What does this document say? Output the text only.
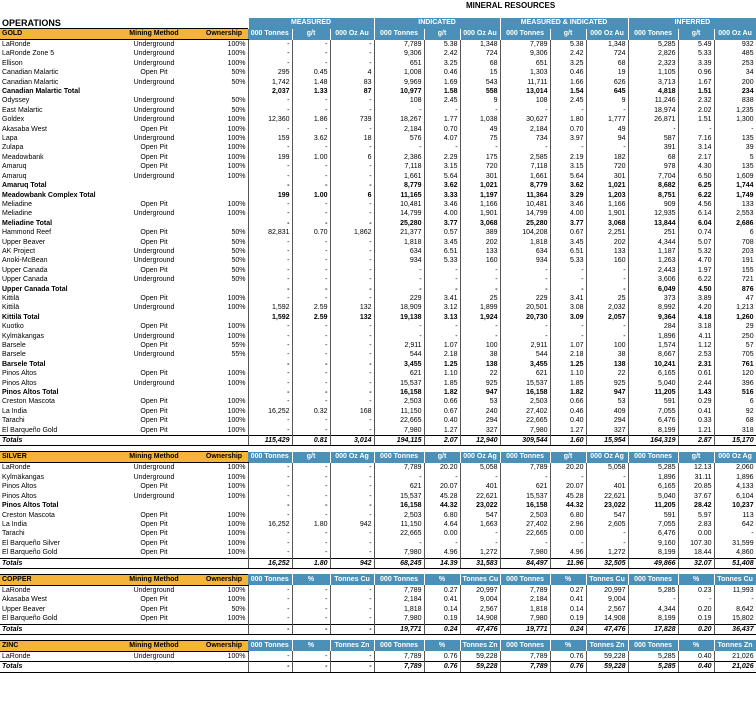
MINERAL RESOURCES
OPERATIONS			MEASURED			INDICATED			MEASURED & INDICATED			INFERRED		
GOLD	Mining Method	Ownership	000 Tonnes	g/t	000 Oz Au	000 Tonnes	g/t	000 Oz Au	000 Tonnes	g/t	000 Oz Au	000 Tonnes	g/t	000 Oz Au
LaRonde	Underground	100%	-	-	-	7,789	5.38	1,348	7,789	5.38	1,348	5,285	5.49	932
LaRonde Zone 5	Underground	100%	-	-	-	9,306	2.42	724	9,306	2.42	724	2,826	5.33	485
Ellison	Underground	100%	-	-	-	651	3.25	68	651	3.25	68	2,323	3.39	253
Canadian Malartic	Open Pit	50%	295	0.45	4	1,008	0.46	15	1,303	0.46	19	1,105	0.96	34
Canadian Malartic	Underground	50%	1,742	1.48	83	9,969	1.69	543	11,711	1.66	626	3,713	1.67	200
Canadian Malartic Total			2,037	1.33	87	10,977	1.58	558	13,014	1.54	645	4,818	1.51	234
Odyssey	Underground	50%	-	-	-	108	2.45	9	108	2.45	9	11,246	2.32	838
East Malartic	Underground	50%	-	-	-	-	-	-	-	-	-	18,974	2.02	1,235
Goldex	Underground	100%	12,360	1.86	739	18,267	1.77	1,038	30,627	1.80	1,777	26,871	1.51	1,300
Akasaba West	Open Pit	100%	-	-	-	2,184	0.70	49	2,184	0.70	49	-	-	-
Lapa	Underground	100%	159	3.62	18	576	4.07	75	734	3.97	94	587	7.16	135
Zulapa	Open Pit	100%	-	-	-	-	-	-	-	-	-	391	3.14	39
Meadowbank	Open Pit	100%	199	1.00	6	2,386	2.29	175	2,585	2.19	182	68	2.17	5
Amaruq	Open Pit	100%	-	-	-	7,118	3.15	720	7,118	3.15	720	978	4.30	135
Amaruq	Underground	100%	-	-	-	1,661	5.64	301	1,661	5.64	301	7,704	6.50	1,609
Amaruq Total			-	-	-	8,779	3.62	1,021	8,779	3.62	1,021	8,682	6.25	1,744
Meadowbank Complex Total			199	1.00	6	11,165	3.33	1,197	11,364	3.29	1,203	8,751	6.22	1,749
Meliadine	Open Pit	100%	-	-	-	10,481	3.46	1,166	10,481	3.46	1,166	909	4.56	133
Meliadine	Underground	100%	-	-	-	14,799	4.00	1,901	14,799	4.00	1,901	12,935	6.14	2,553
Meliadine Total			-	-	-	25,280	3.77	3,068	25,280	3.77	3,068	13,844	6.04	2,686
Hammond Reef	Open Pit	50%	82,831	0.70	1,862	21,377	0.57	389	104,208	0.67	2,251	251	0.74	6
Upper Beaver	Open Pit	50%	-	-	-	1,818	3.45	202	1,818	3.45	202	4,344	5.07	708
AK Project	Underground	50%	-	-	-	634	6.51	133	634	6.51	133	1,187	5.32	203
Anoki-McBean	Underground	50%	-	-	-	934	5.33	160	934	5.33	160	1,263	4.70	191
Upper Canada	Open Pit	50%	-	-	-	-	-	-	-	-	-	2,443	1.97	155
Upper Canada	Underground	50%	-	-	-	-	-	-	-	-	-	3,606	6.22	721
Upper Canada Total			-	-	-	-	-	-	-	-	-	6,049	4.50	876
Kittilä	Open Pit	100%	-	-	-	229	3.41	25	229	3.41	25	373	3.89	47
Kittilä	Underground	100%	1,592	2.59	132	18,909	3.12	1,899	20,501	3.08	2,032	8,992	4.20	1,213
Kittilä Total			1,592	2.59	132	19,138	3.13	1,924	20,730	3.09	2,057	9,364	4.18	1,260
Kuotko	Open Pit	100%	-	-	-	-	-	-	-	-	-	284	3.18	29
Kylmäkangas	Underground	100%	-	-	-	-	-	-	-	-	-	1,896	4.11	250
Barsele	Open Pit	55%	-	-	-	2,911	1.07	100	2,911	1.07	100	1,574	1.12	57
Barsele	Underground	55%	-	-	-	544	2.18	38	544	2.18	38	8,667	2.53	705
Barsele Total			-	-	-	3,455	1.25	138	3,455	1.25	138	10,241	2.31	761
Pinos Altos	Open Pit	100%	-	-	-	621	1.10	22	621	1.10	22	6,165	0.61	120
Pinos Altos	Underground	100%	-	-	-	15,537	1.85	925	15,537	1.85	925	5,040	2.44	396
Pinos Altos Total			-	-	-	16,158	1.82	947	16,158	1.82	947	11,205	1.43	516
Creston Mascota	Open Pit	100%	-	-	-	2,503	0.66	53	2,503	0.66	53	591	0.29	6
La India	Open Pit	100%	16,252	0.32	168	11,150	0.67	240	27,402	0.46	409	7,055	0.41	92
Tarachi	Open Pit	100%	-	-	-	22,665	0.40	294	22,665	0.40	294	6,476	0.33	68
El Barqueño Gold	Open Pit	100%	-	-	-	7,980	1.27	327	7,980	1.27	327	8,199	1.21	318
Totals			115,429	0.81	3,014	194,115	2.07	12,940	309,544	1.60	15,954	164,319	2.87	15,170

SILVER	Mining Method	Ownership	000 Tonnes	g/t	000 Oz Ag	000 Tonnes	g/t	000 Oz Ag	000 Tonnes	g/t	000 Oz Ag	000 Tonnes	g/t	000 Oz Ag
LaRonde	Underground	100%	-	-	-	7,789	20.20	5,058	7,789	20.20	5,058	5,285	12.13	2,060
Kylmäkangas	Underground	100%	-	-	-	-	-	-	-	-	-	1,896	31.11	1,896
Pinos Altos	Open Pit	100%	-	-	-	621	20.07	401	621	20.07	401	6,165	20.85	4,133
Pinos Altos	Underground	100%	-	-	-	15,537	45.28	22,621	15,537	45.28	22,621	5,040	37.67	6,104
Pinos Altos Total			-	-	-	16,158	44.32	23,022	16,158	44.32	23,022	11,205	28.42	10,237
Creston Mascota	Open Pit	100%	-	-	-	2,503	6.80	547	2,503	6.80	547	591	5.97	113
La India	Open Pit	100%	16,252	1.80	942	11,150	4.64	1,663	27,402	2.96	2,605	7,055	2.83	642
Tarachi	Open Pit	100%	-	-	-	22,665	0.00	-	22,665	0.00	-	6,476	0.00	-
El Barqueño Silver	Open Pit	100%	-	-	-	-	-	-	-	-	-	9,160	107.30	31,599
El Barqueño Gold	Open Pit	100%	-	-	-	7,980	4.96	1,272	7,980	4.96	1,272	8,199	18.44	4,860
Totals			16,252	1.80	942	68,245	14.39	31,583	84,497	11.96	32,505	49,866	32.07	51,408

COPPER	Mining Method	Ownership	000 Tonnes	%	Tonnes Cu	000 Tonnes	%	Tonnes Cu	000 Tonnes	%	Tonnes Cu	000 Tonnes	%	Tonnes Cu
LaRonde	Underground	100%	-	-	-	7,789	0.27	20,997	7,789	0.27	20,997	5,285	0.23	11,993
Akasaba West	Open Pit	100%	-	-	-	2,184	0.41	9,004	2,184	0.41	9,004	-	-	-
Upper Beaver	Open Pit	50%	-	-	-	1,818	0.14	2,567	1,818	0.14	2,567	4,344	0.20	8,642
El Barqueño Gold	Open Pit	100%	-	-	-	7,980	0.19	14,908	7,980	0.19	14,908	8,199	0.19	15,802
Totals			-	-	-	19,771	0.24	47,476	19,771	0.24	47,476	17,828	0.20	36,437

ZINC	Mining Method	Ownership	000 Tonnes	%	Tonnes Zn	000 Tonnes	%	Tonnes Zn	000 Tonnes	%	Tonnes Zn	000 Tonnes	%	Tonnes Zn
LaRonde	Underground	100%	-	-	-	7,789	0.76	59,228	7,789	0.76	59,228	5,285	0.40	21,026
Totals			-	-	-	7,789	0.76	59,228	7,789	0.76	59,228	5,285	0.40	21,026
